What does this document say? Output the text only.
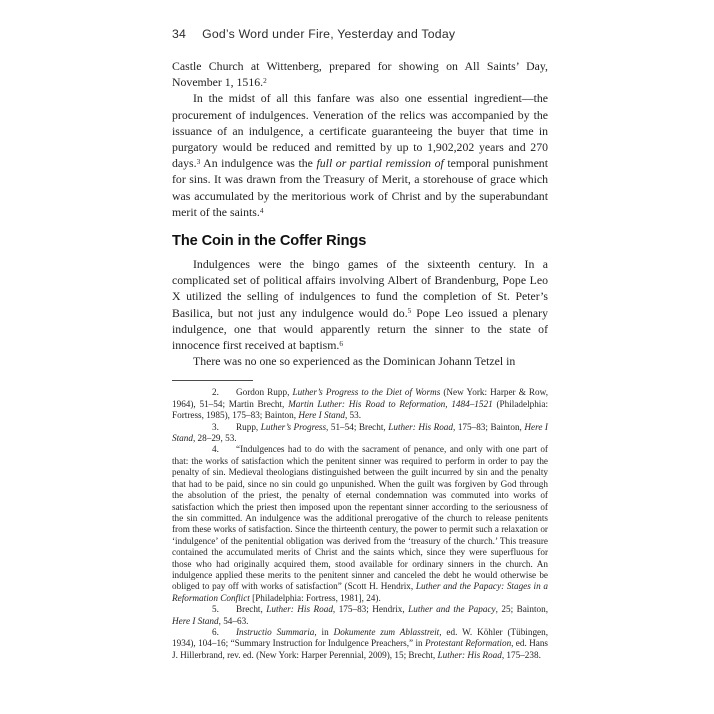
34 God’s Word under Fire, Yesterday and Today

Castle Church at Wittenberg, prepared for showing on All Saints’ Day, November 1, 1516.$^2$

In the midst of all this fanfare was also one essential ingredient—the procurement of indulgences. Veneration of the relics was accompanied by the issuance of an indulgence, a certificate guaranteeing the buyer that time in purgatory would be reduced and remitted by up to 1,902,202 years and 270 days.$^3$ An indulgence was the full or partial remission of temporal punishment for sins. It was drawn from the Treasury of Merit, a storehouse of grace which was accumulated by the meritorious work of Christ and by the superabundant merit of the saints.$^4$

The Coin in the Coffer Rings

Indulgences were the bingo games of the sixteenth century. In a complicated set of political affairs involving Albert of Brandenburg, Pope Leo X utilized the selling of indulgences to fund the completion of St. Peter’s Basilica, but not just any indulgence would do.$^5$ Pope Leo issued a plenary indulgence, one that would apparently return the sinner to the state of innocence first received at baptism.$^6$

There was no one so experienced as the Dominican Johann Tetzel in

2. Gordon Rupp, Luther’s Progress to the Diet of Worms (New York: Harper & Row, 1964), 51–54; Martin Brecht, Martin Luther: His Road to Reformation, 1484–1521 (Philadelphia: Fortress, 1985), 175–83; Bainton, Here I Stand, 53.

3. Rupp, Luther’s Progress, 51–54; Brecht, Luther: His Road, 175–83; Bainton, Here I Stand, 28–29, 53.

4. “Indulgences had to do with the sacrament of penance, and only with one part of that: the works of satisfaction which the penitent sinner was required to perform in order to pay the penalty of sin. Medieval theologians distinguished between the guilt incurred by sin and the penalty that had to be paid, since no sin could go unpunished. When the guilt was forgiven by God through the absolution of the priest, the penalty of eternal condemnation was commuted into works of satisfaction which the priest then imposed upon the repentant sinner according to the seriousness of the sin committed. An indulgence was the additional prerogative of the church to release penitents from these works of satisfaction. Since the thirteenth century, the power to permit such a relaxation or ‘indulgence’ of the penitential obligation was derived from the ‘treasury of the church.’ This treasure contained the accumulated merits of Christ and the saints which, since they were superfluous for those who had originally acquired them, stood available for ordinary sinners in the church. An indulgence applied these merits to the penitent sinner and canceled the debt he would otherwise be obliged to pay off with works of satisfaction” (Scott H. Hendrix, Luther and the Papacy: Stages in a Reformation Conflict [Philadelphia: Fortress, 1981], 24).

5. Brecht, Luther: His Road, 175–83; Hendrix, Luther and the Papacy, 25; Bainton, Here I Stand, 54–63.

6. Instructio Summaria, in Dokumente zum Ablasstreit, ed. W. Köhler (Tübingen, 1934), 104–16; “Summary Instruction for Indulgence Preachers,” in Protestant Reformation, ed. Hans J. Hillerbrand, rev. ed. (New York: Harper Perennial, 2009), 15; Brecht, Luther: His Road, 175–238.
